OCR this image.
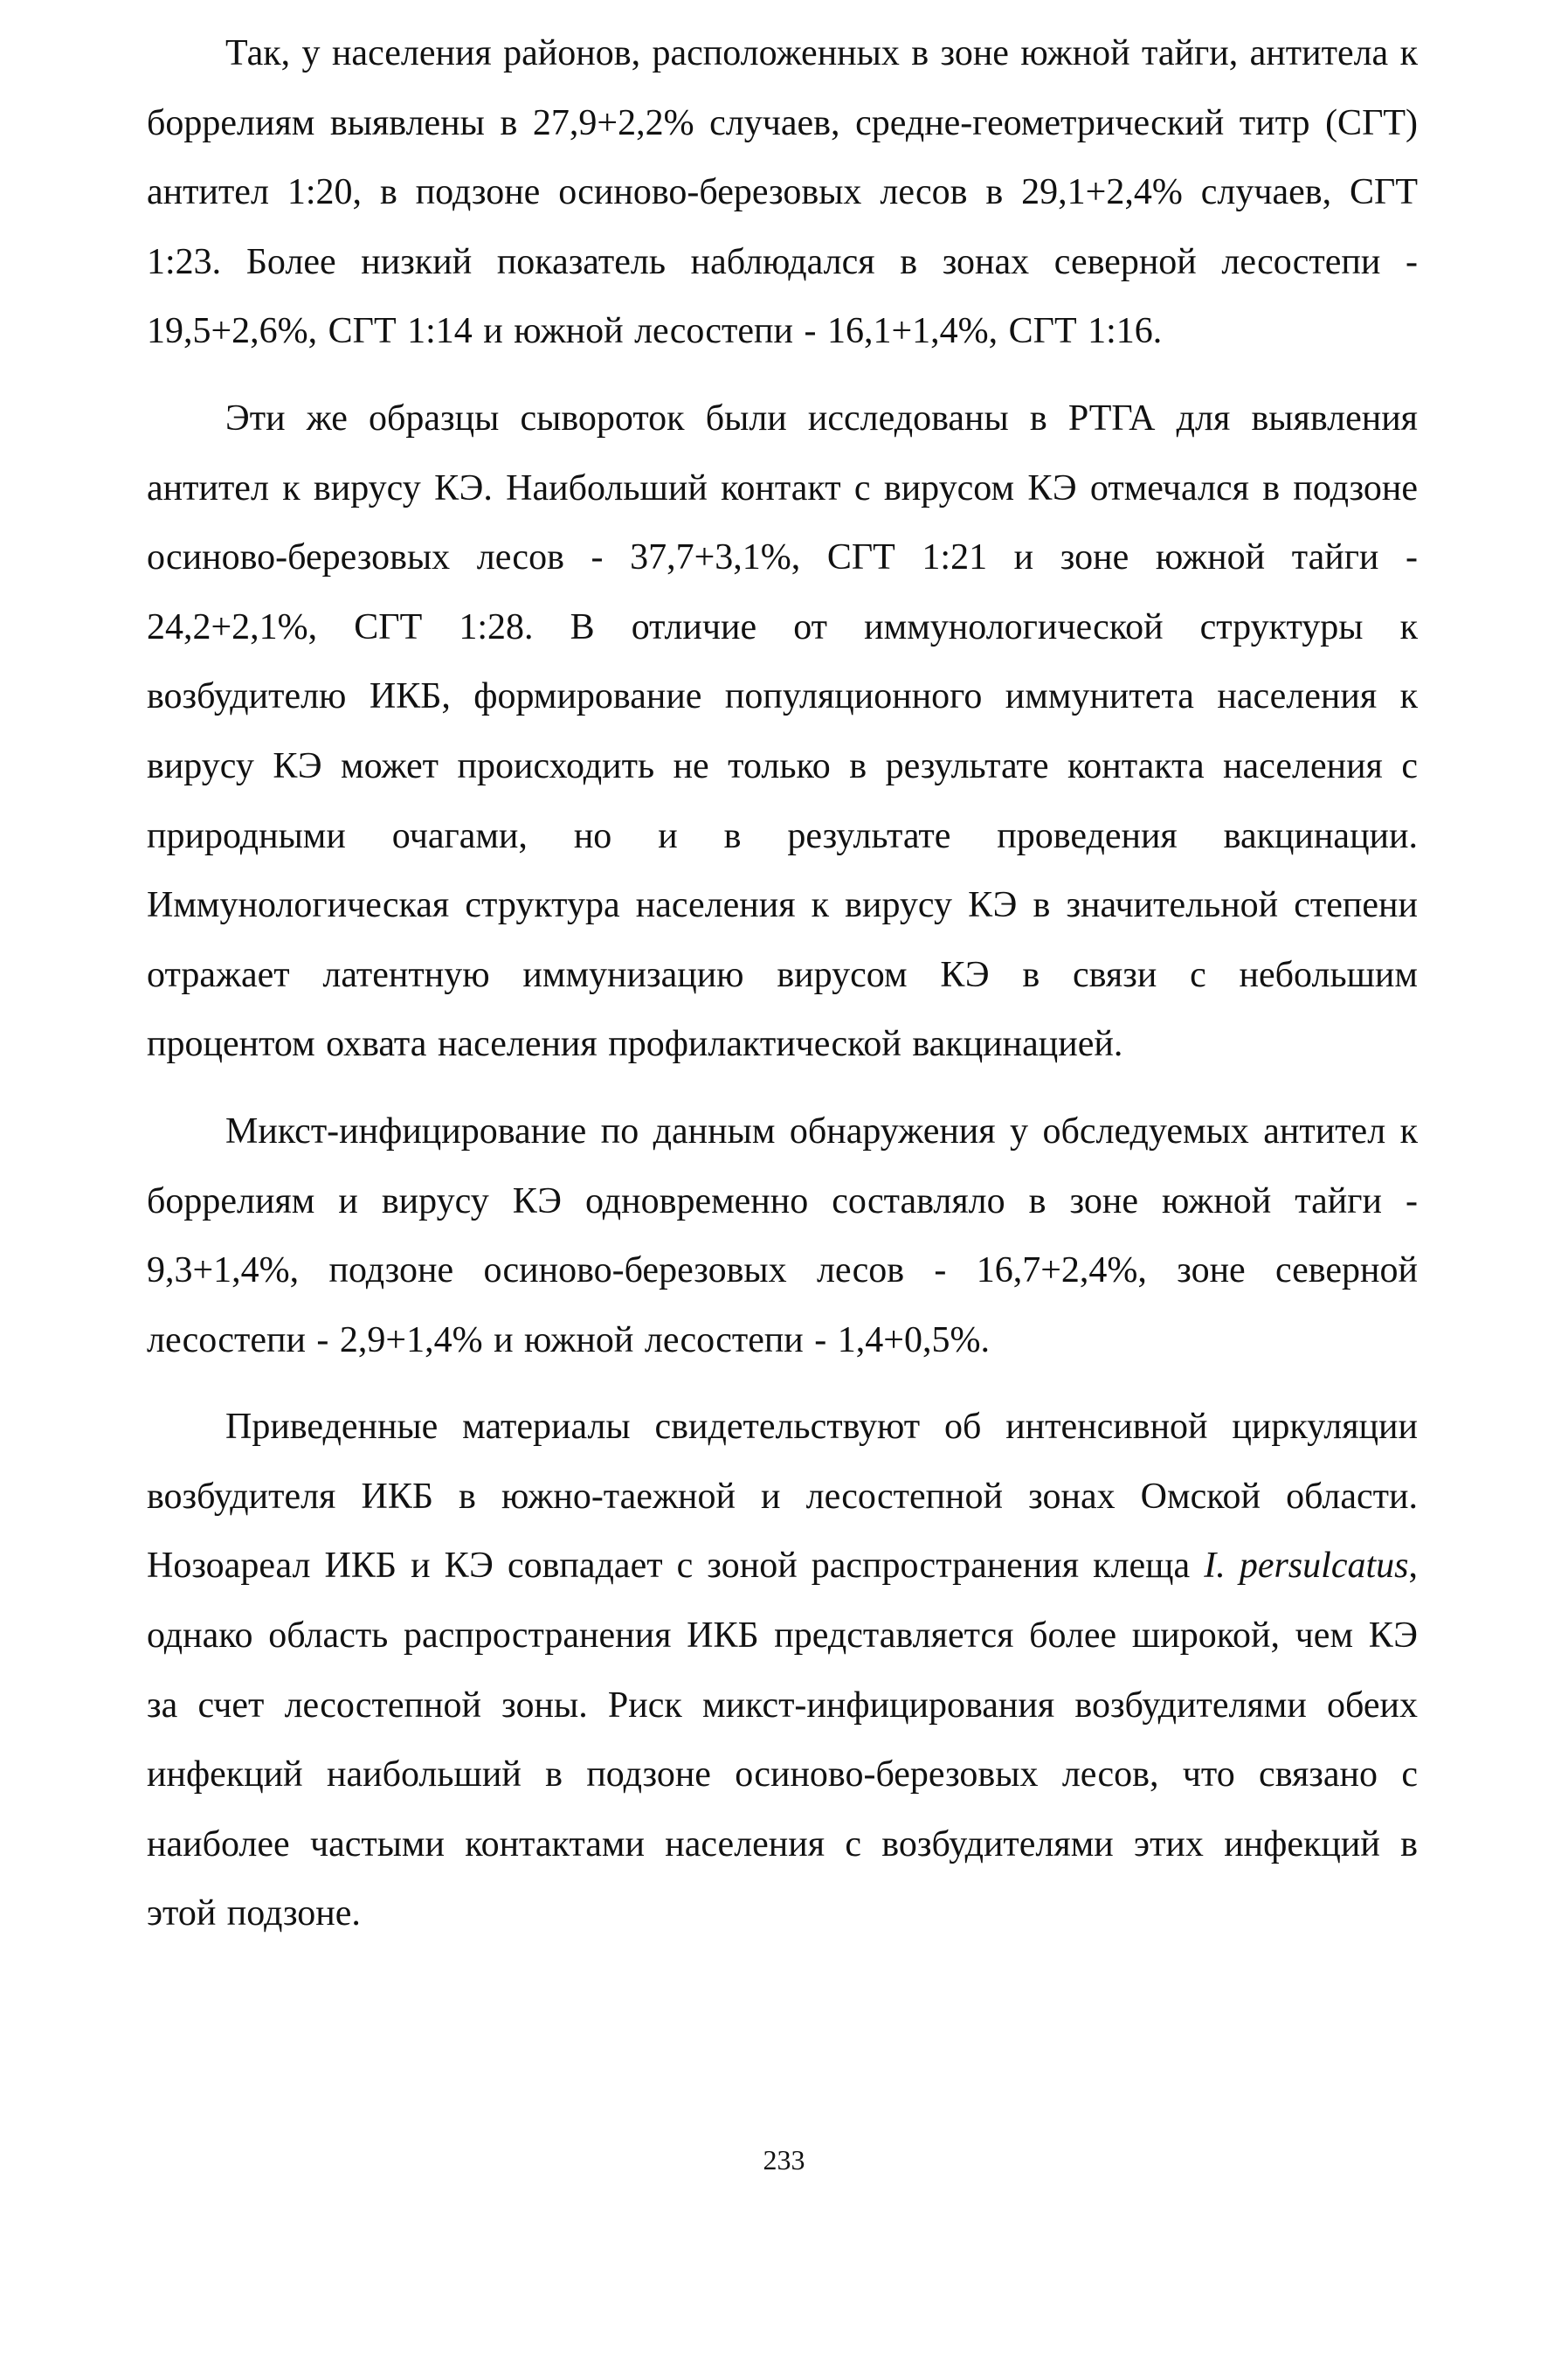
Так, у населения районов, расположенных в зоне южной тайги, антитела к боррелиям выявлены в 27,9+2,2% случаев, средне-геометрический титр (СГТ) антител 1:20, в подзоне осиново-березовых лесов в 29,1+2,4% случаев, СГТ 1:23. Более низкий показатель наблюдался в зонах северной лесостепи - 19,5+2,6%, СГТ 1:14 и южной лесостепи - 16,1+1,4%, СГТ 1:16.

Эти же образцы сывороток были исследованы в РТГА для выявления антител к вирусу КЭ. Наибольший контакт с вирусом КЭ отмечался в подзоне осиново-березовых лесов - 37,7+3,1%, СГТ 1:21 и зоне южной тайги - 24,2+2,1%, СГТ 1:28. В отличие от иммунологической структуры к возбудителю ИКБ, формирование популяционного иммунитета населения к вирусу КЭ может происходить не только в результате контакта населения с природными очагами, но и в результате проведения вакцинации. Иммунологическая структура населения к вирусу КЭ в значительной степени отражает латентную иммунизацию вирусом КЭ в связи с небольшим процентом охвата населения профилактической вакцинацией.

Микст-инфицирование по данным обнаружения у обследуемых антител к боррелиям и вирусу КЭ одновременно составляло в зоне южной тайги - 9,3+1,4%, подзоне осиново-березовых лесов - 16,7+2,4%, зоне северной лесостепи - 2,9+1,4% и южной лесостепи - 1,4+0,5%.

Приведенные материалы свидетельствуют об интенсивной циркуляции возбудителя ИКБ в южно-таежной и лесостепной зонах Омской области. Нозоареал ИКБ и КЭ совпадает с зоной распространения клеща I. persulcatus, однако область распространения ИКБ представляется более широкой, чем КЭ за счет лесостепной зоны. Риск микст-инфицирования возбудителями обеих инфекций наибольший в подзоне осиново-березовых лесов, что связано с наиболее частыми контактами населения с возбудителями этих инфекций в этой подзоне.

233
